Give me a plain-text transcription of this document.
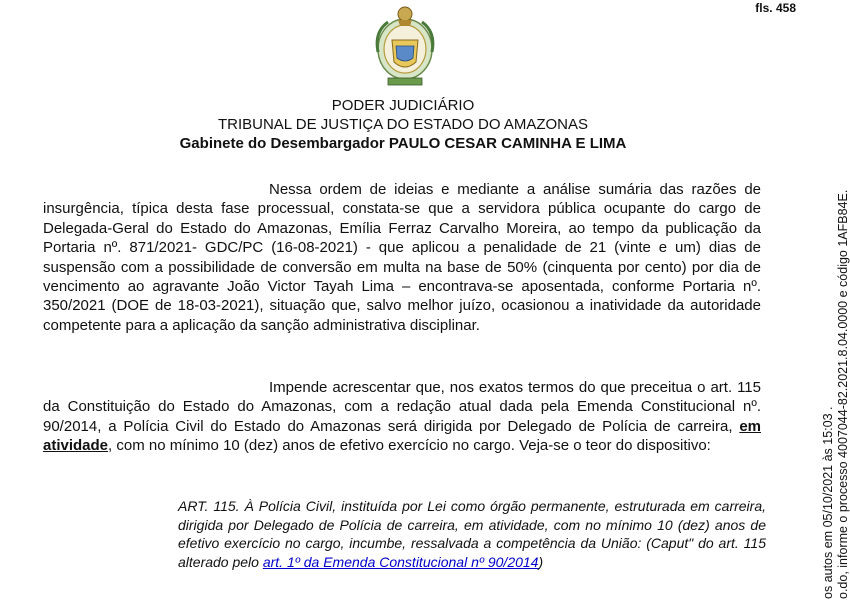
fls. 458
PODER JUDICIÁRIO
TRIBUNAL DE JUSTIÇA DO ESTADO DO AMAZONAS
Gabinete do Desembargador PAULO CESAR CAMINHA E LIMA

Nessa ordem de ideias e mediante a análise sumária das razões de insurgência, típica desta fase processual, constata-se que a servidora pública ocupante do cargo de Delegada-Geral do Estado do Amazonas, Emília Ferraz Carvalho Moreira, ao tempo da publicação da Portaria nº. 871/2021- GDC/PC (16-08-2021) - que aplicou a penalidade de 21 (vinte e um) dias de suspensão com a possibilidade de conversão em multa na base de 50% (cinquenta por cento) por dia de vencimento ao agravante João Victor Tayah Lima – encontrava-se aposentada, conforme Portaria nº. 350/2021 (DOE de 18-03-2021), situação que, salvo melhor juízo, ocasionou a inatividade da autoridade competente para a aplicação da sanção administrativa disciplinar.

Impende acrescentar que, nos exatos termos do que preceitua o art. 115 da Constituição do Estado do Amazonas, com a redação atual dada pela Emenda Constitucional nº. 90/2014, a Polícia Civil do Estado do Amazonas será dirigida por Delegado de Polícia de carreira, em atividade, com no mínimo 10 (dez) anos de efetivo exercício no cargo. Veja-se o teor do dispositivo:

ART. 115. À Polícia Civil, instituída por Lei como órgão permanente, estruturada em carreira, dirigida por Delegado de Polícia de carreira, em atividade, com no mínimo 10 (dez) anos de efetivo exercício no cargo, incumbe, ressalvada a competência da União: (Caput" do art. 115 alterado pelo art. 1º da Emenda Constitucional nº 90/2014)	os autos em 05/10/2021 às 15:03 . o.do, informe o processo 4007044-82.2021.8.04.0000 e código 1AFB84E.
